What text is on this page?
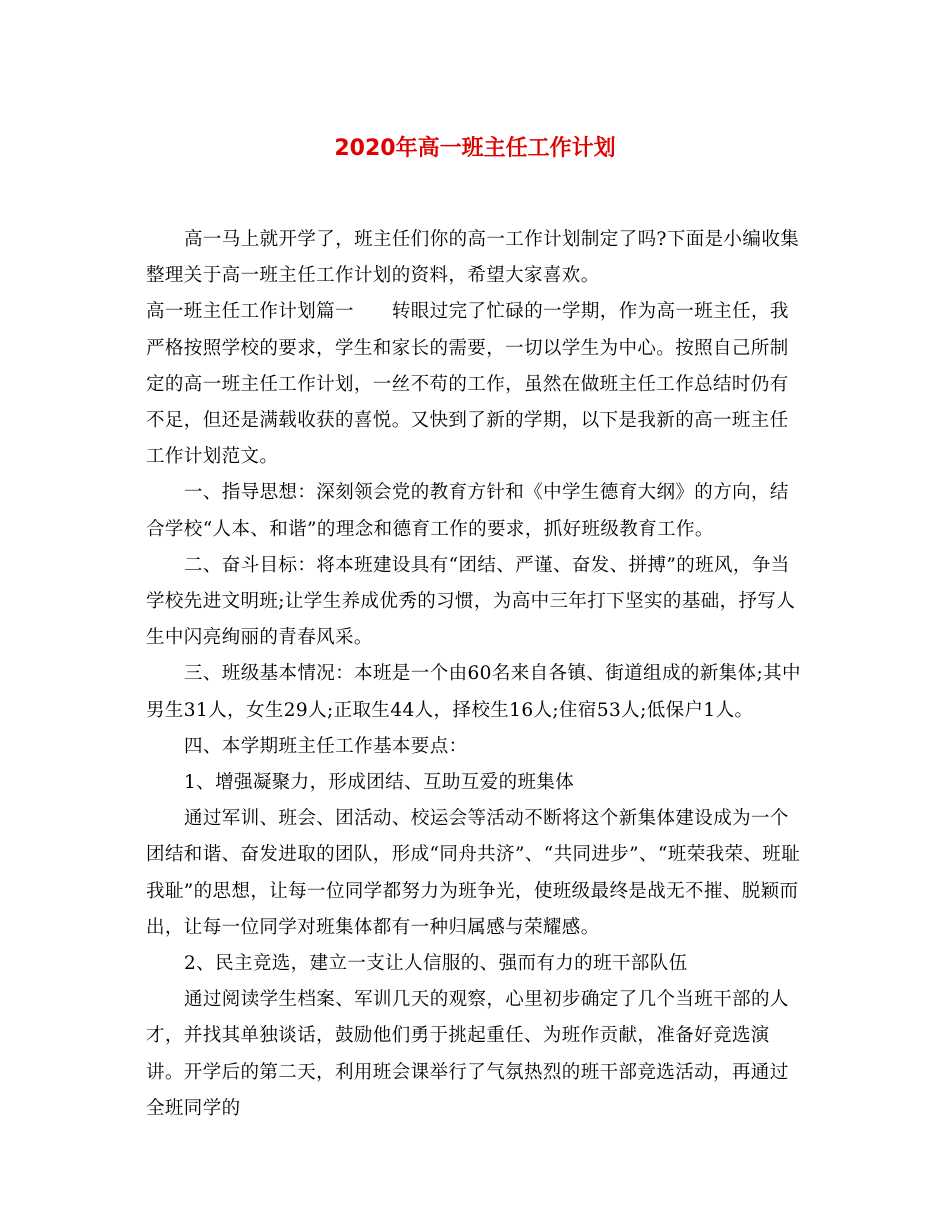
2020年高一班主任工作计划

高一马上就开学了，班主任们你的高一工作计划制定了吗?下面是小编收集整理关于高一班主任工作计划的资料，希望大家喜欢。

高一班主任工作计划篇一 转眼过完了忙碌的一学期，作为高一班主任，我严格按照学校的要求，学生和家长的需要，一切以学生为中心。按照自己所制定的高一班主任工作计划，一丝不苟的工作，虽然在做班主任工作总结时仍有不足，但还是满载收获的喜悦。又快到了新的学期，以下是我新的高一班主任工作计划范文。

一、指导思想：深刻领会党的教育方针和《中学生德育大纲》的方向，结合学校“人本、和谐”的理念和德育工作的要求，抓好班级教育工作。

二、奋斗目标：将本班建设具有“团结、严谨、奋发、拼搏”的班风，争当学校先进文明班;让学生养成优秀的习惯，为高中三年打下坚实的基础，抒写人生中闪亮绚丽的青春风采。

三、班级基本情况：本班是一个由60名来自各镇、街道组成的新集体;其中男生31人，女生29人;正取生44人，择校生16人;住宿53人;低保户1人。

四、本学期班主任工作基本要点：

1、增强凝聚力，形成团结、互助互爱的班集体

通过军训、班会、团活动、校运会等活动不断将这个新集体建设成为一个团结和谐、奋发进取的团队，形成“同舟共济”、“共同进步”、“班荣我荣、班耻我耻”的思想，让每一位同学都努力为班争光，使班级最终是战无不摧、脱颖而出，让每一位同学对班集体都有一种归属感与荣耀感。

2、民主竞选，建立一支让人信服的、强而有力的班干部队伍

通过阅读学生档案、军训几天的观察，心里初步确定了几个当班干部的人才，并找其单独谈话，鼓励他们勇于挑起重任、为班作贡献，准备好竞选演讲。开学后的第二天，利用班会课举行了气氛热烈的班干部竞选活动，再通过全班同学的
